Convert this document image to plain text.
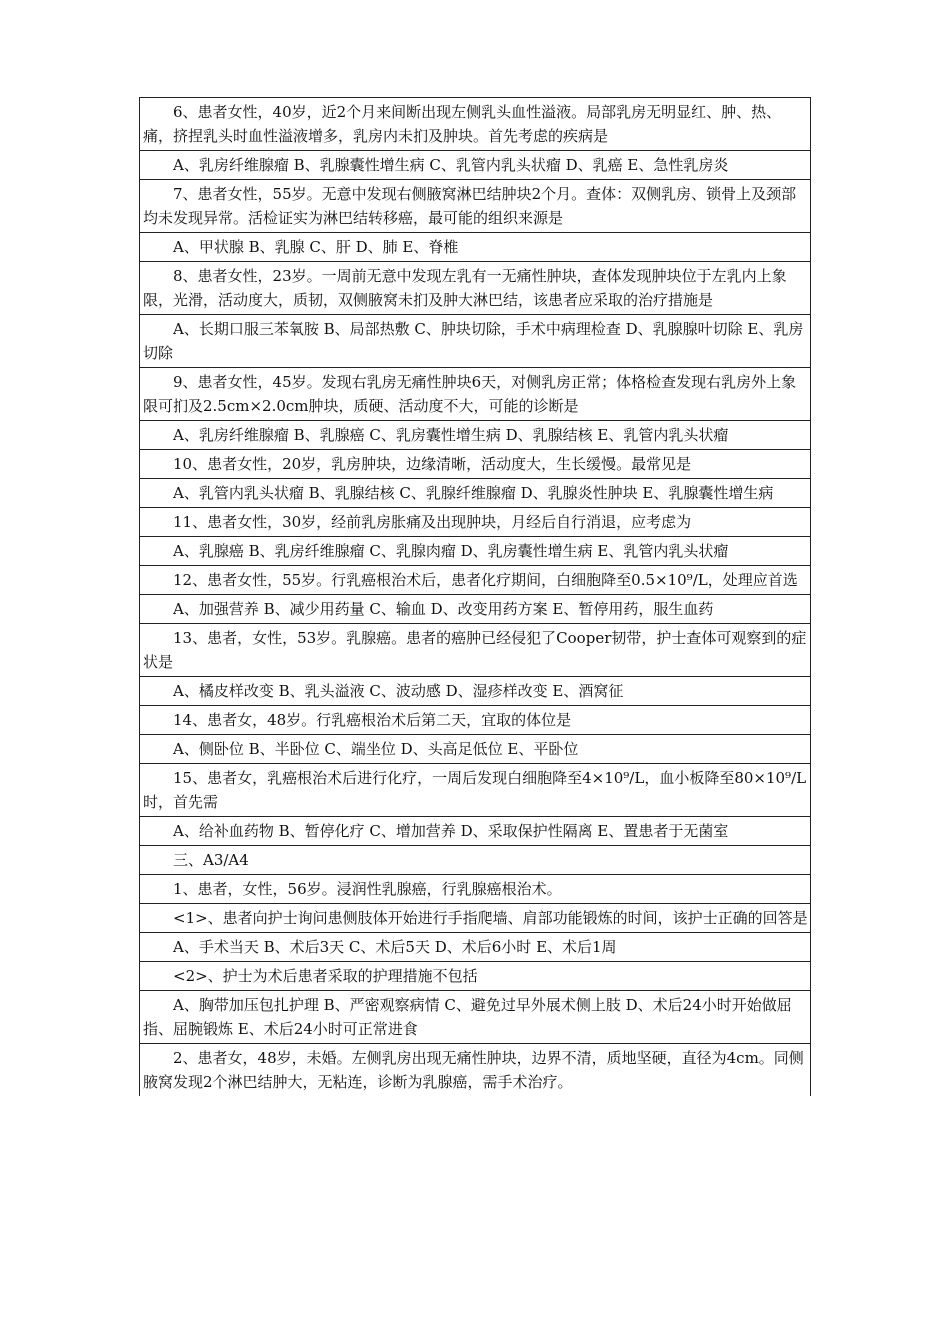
6、患者女性，40岁，近2个月来间断出现左侧乳头血性溢液。局部乳房无明显红、肿、热、痛，挤捏乳头时血性溢液增多，乳房内未扪及肿块。首先考虑的疾病是
A、乳房纤维腺瘤 B、乳腺囊性增生病 C、乳管内乳头状瘤 D、乳癌 E、急性乳房炎
7、患者女性，55岁。无意中发现右侧腋窝淋巴结肿块2个月。查体：双侧乳房、锁骨上及颈部均未发现异常。活检证实为淋巴结转移癌，最可能的组织来源是
A、甲状腺 B、乳腺 C、肝 D、肺 E、脊椎
8、患者女性，23岁。一周前无意中发现左乳有一无痛性肿块，查体发现肿块位于左乳内上象限，光滑，活动度大，质韧，双侧腋窝未扪及肿大淋巴结，该患者应采取的治疗措施是
A、长期口服三苯氧胺 B、局部热敷 C、肿块切除，手术中病理检查 D、乳腺腺叶切除 E、乳房切除
9、患者女性，45岁。发现右乳房无痛性肿块6天，对侧乳房正常；体格检查发现右乳房外上象限可扪及2.5cm×2.0cm肿块，质硬、活动度不大，可能的诊断是
A、乳房纤维腺瘤 B、乳腺癌 C、乳房囊性增生病 D、乳腺结核 E、乳管内乳头状瘤
10、患者女性，20岁，乳房肿块，边缘清晰，活动度大，生长缓慢。最常见是
A、乳管内乳头状瘤 B、乳腺结核 C、乳腺纤维腺瘤 D、乳腺炎性肿块 E、乳腺囊性增生病
11、患者女性，30岁，经前乳房胀痛及出现肿块，月经后自行消退，应考虑为
A、乳腺癌 B、乳房纤维腺瘤 C、乳腺肉瘤 D、乳房囊性增生病 E、乳管内乳头状瘤
12、患者女性，55岁。行乳癌根治术后，患者化疗期间，白细胞降至0.5×10⁹/L，处理应首选
A、加强营养 B、减少用药量 C、输血 D、改变用药方案 E、暂停用药，服生血药
13、患者，女性，53岁。乳腺癌。患者的癌肿已经侵犯了Cooper韧带，护士查体可观察到的症状是
A、橘皮样改变 B、乳头溢液 C、波动感 D、湿疹样改变 E、酒窝征
14、患者女，48岁。行乳癌根治术后第二天，宜取的体位是
A、侧卧位 B、半卧位 C、端坐位 D、头高足低位 E、平卧位
15、患者女，乳癌根治术后进行化疗，一周后发现白细胞降至4×10⁹/L，血小板降至80×10⁹/L时，首先需
A、给补血药物 B、暂停化疗 C、增加营养 D、采取保护性隔离 E、置患者于无菌室
三、A3/A4
1、患者，女性，56岁。浸润性乳腺癌，行乳腺癌根治术。
<1>、患者向护士询问患侧肢体开始进行手指爬墙、肩部功能锻炼的时间，该护士正确的回答是
A、手术当天 B、术后3天 C、术后5天 D、术后6小时 E、术后1周
<2>、护士为术后患者采取的护理措施不包括
A、胸带加压包扎护理 B、严密观察病情 C、避免过早外展术侧上肢 D、术后24小时开始做屈指、屈腕锻炼 E、术后24小时可正常进食
2、患者女，48岁，未婚。左侧乳房出现无痛性肿块，边界不清，质地坚硬，直径为4cm。同侧腋窝发现2个淋巴结肿大，无粘连，诊断为乳腺癌，需手术治疗。
